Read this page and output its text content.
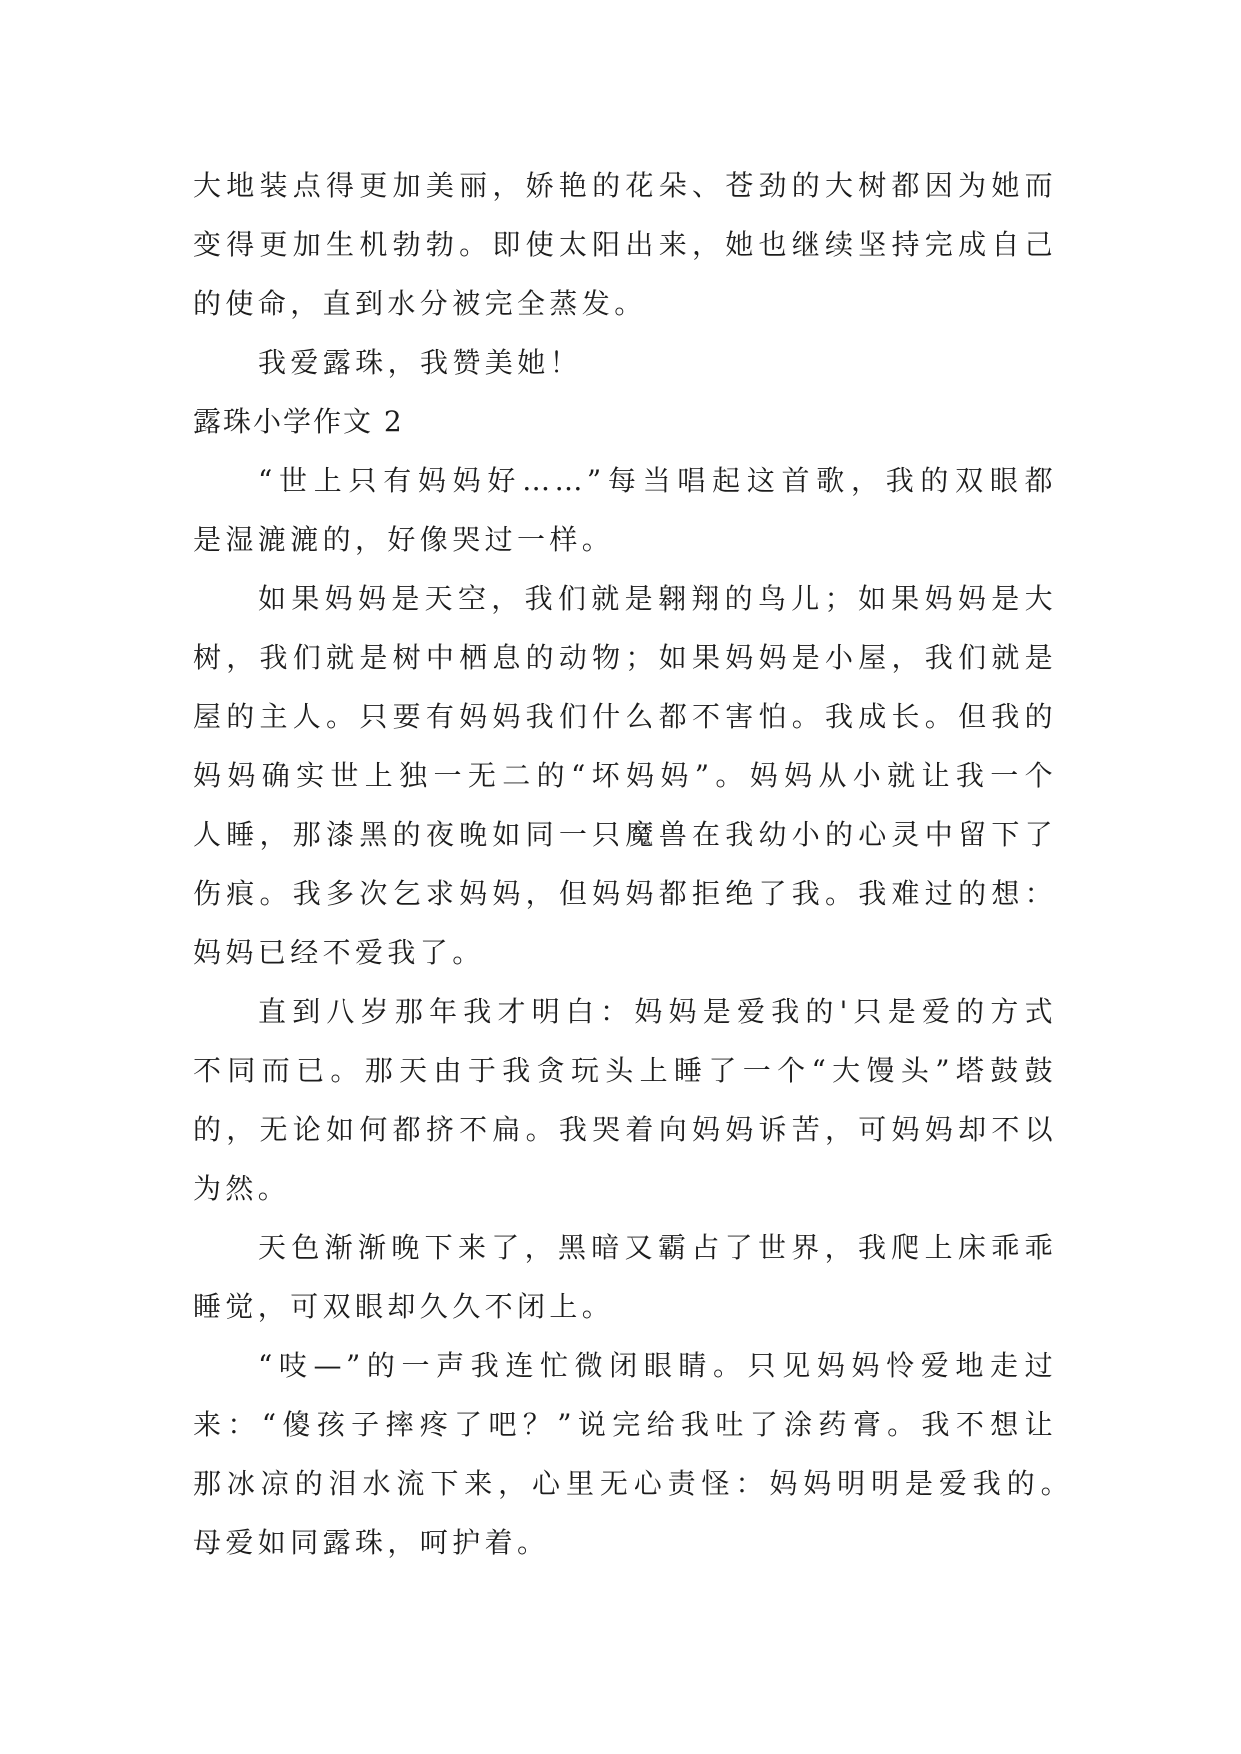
大地装点得更加美丽，娇艳的花朵、苍劲的大树都因为她而
变得更加生机勃勃。即使太阳出来，她也继续坚持完成自己
的使命，直到水分被完全蒸发。

我爱露珠，我赞美她！

露珠小学作文 2

“世上只有妈妈好……”每当唱起这首歌，我的双眼都
是湿漉漉的，好像哭过一样。

如果妈妈是天空，我们就是翱翔的鸟儿；如果妈妈是大
树，我们就是树中栖息的动物；如果妈妈是小屋，我们就是
屋的主人。只要有妈妈我们什么都不害怕。我成长。但我的
妈妈确实世上独一无二的“坏妈妈”。妈妈从小就让我一个
人睡，那漆黑的夜晚如同一只魔兽在我幼小的心灵中留下了
伤痕。我多次乞求妈妈，但妈妈都拒绝了我。我难过的想：
妈妈已经不爱我了。

直到八岁那年我才明白：妈妈是爱我的'只是爱的方式
不同而已。那天由于我贪玩头上睡了一个“大馒头”塔鼓鼓
的，无论如何都挤不扁。我哭着向妈妈诉苦，可妈妈却不以
为然。

天色渐渐晚下来了，黑暗又霸占了世界，我爬上床乖乖
睡觉，可双眼却久久不闭上。

“吱—”的一声我连忙微闭眼睛。只见妈妈怜爱地走过
来：“傻孩子摔疼了吧？”说完给我吐了涂药膏。我不想让
那冰凉的泪水流下来，心里无心责怪：妈妈明明是爱我的。
母爱如同露珠，呵护着。
